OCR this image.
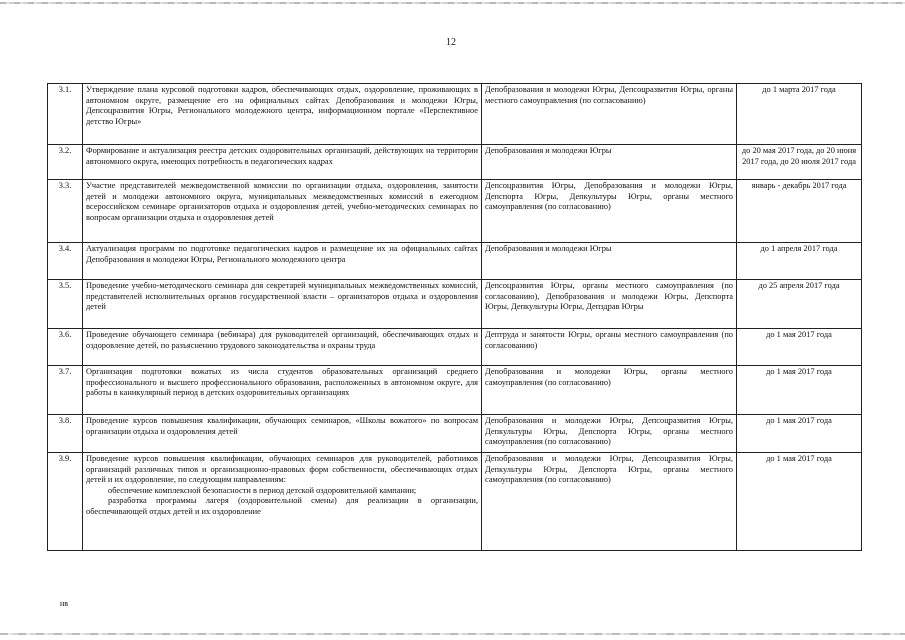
12
3.1.	Утверждение плана курсовой подготовки кадров, обеспечивающих отдых, оздоровление, проживающих в автономном округе, размещение его на официальных сайтах Депобразования и молодежи Югры, Депсоцразвития Югры, Регионального молодежного центра, информационном портале «Перспективное детство Югры»	Депобразования и молодежи Югры, Депсоцразвития Югры, органы местного самоуправления (по согласованию)	до 1 марта 2017 года
3.2.	Формирование и актуализация реестра детских оздоровительных организаций, действующих на территории автономного округа, имеющих потребность в педагогических кадрах	Депобразования и молодежи Югры	до 20 мая 2017 года, до 20 июня 2017 года, до 20 июля 2017 года
3.3.	Участие представителей межведомственной комиссии по организации отдыха, оздоровления, занятости детей и молодежи автономного округа, муниципальных межведомственных комиссий в ежегодном всероссийском семинаре организаторов отдыха и оздоровления детей, учебно-методических семинарах по вопросам организации отдыха и оздоровления детей	Депсоцразвития Югры, Депобразования и молодежи Югры, Депспорта Югры, Депкультуры Югры, органы местного самоуправления (по согласованию)	январь - декабрь 2017 года
3.4.	Актуализация программ по подготовке педагогических кадров и размещение их на официальных сайтах Депобразования и молодежи Югры, Регионального молодежного центра	Депобразования и молодежи Югры	до 1 апреля 2017 года
3.5.	Проведение учебно-методического семинара для секретарей муниципальных межведомственных комиссий, представителей исполнительных органов государственной власти – организаторов отдыха и оздоровления детей	Депсоцразвития Югры, органы местного самоуправления (по согласованию), Депобразования и молодежи Югры, Депспорта Югры, Депкультуры Югры, Депздрав Югры	до 25 апреля 2017 года
3.6.	Проведение обучающего семинара (вебинара) для руководителей организаций, обеспечивающих отдых и оздоровление детей, по разъяснению трудового законодательства и охраны труда	Дептруда и занятости Югры, органы местного самоуправления (по согласованию)	до 1 мая 2017 года
3.7.	Организация подготовки вожатых из числа студентов образовательных организаций среднего профессионального и высшего профессионального образования, расположенных в автономном округе, для работы в каникулярный период в детских оздоровительных организациях	Депобразования и молодежи Югры, органы местного самоуправления (по согласованию)	до 1 мая 2017 года
3.8.	Проведение курсов повышения квалификации, обучающих семинаров, «Школы вожатого» по вопросам организации отдыха и оздоровления детей	Депобразования и молодежи Югры, Депсоцразвития Югры, Депкультуры Югры, Депспорта Югры, органы местного самоуправления (по согласованию)	до 1 мая 2017 года
3.9.	Проведение курсов повышения квалификации, обучающих семинаров для руководителей, работников организаций различных типов и организационно-правовых форм собственности, обеспечивающих отдых детей и их оздоровление, по следующим направлениям:
обеспечение комплексной безопасности в период детской оздоровительной кампании;
разработка программы лагеря (оздоровительной смены) для реализации в организации, обеспечивающей отдых детей и их оздоровление	Депобразования и молодежи Югры, Депсоцразвития Югры, Депкультуры Югры, Депспорта Югры, органы местного самоуправления (по согласованию)	до 1 мая 2017 года
нв
